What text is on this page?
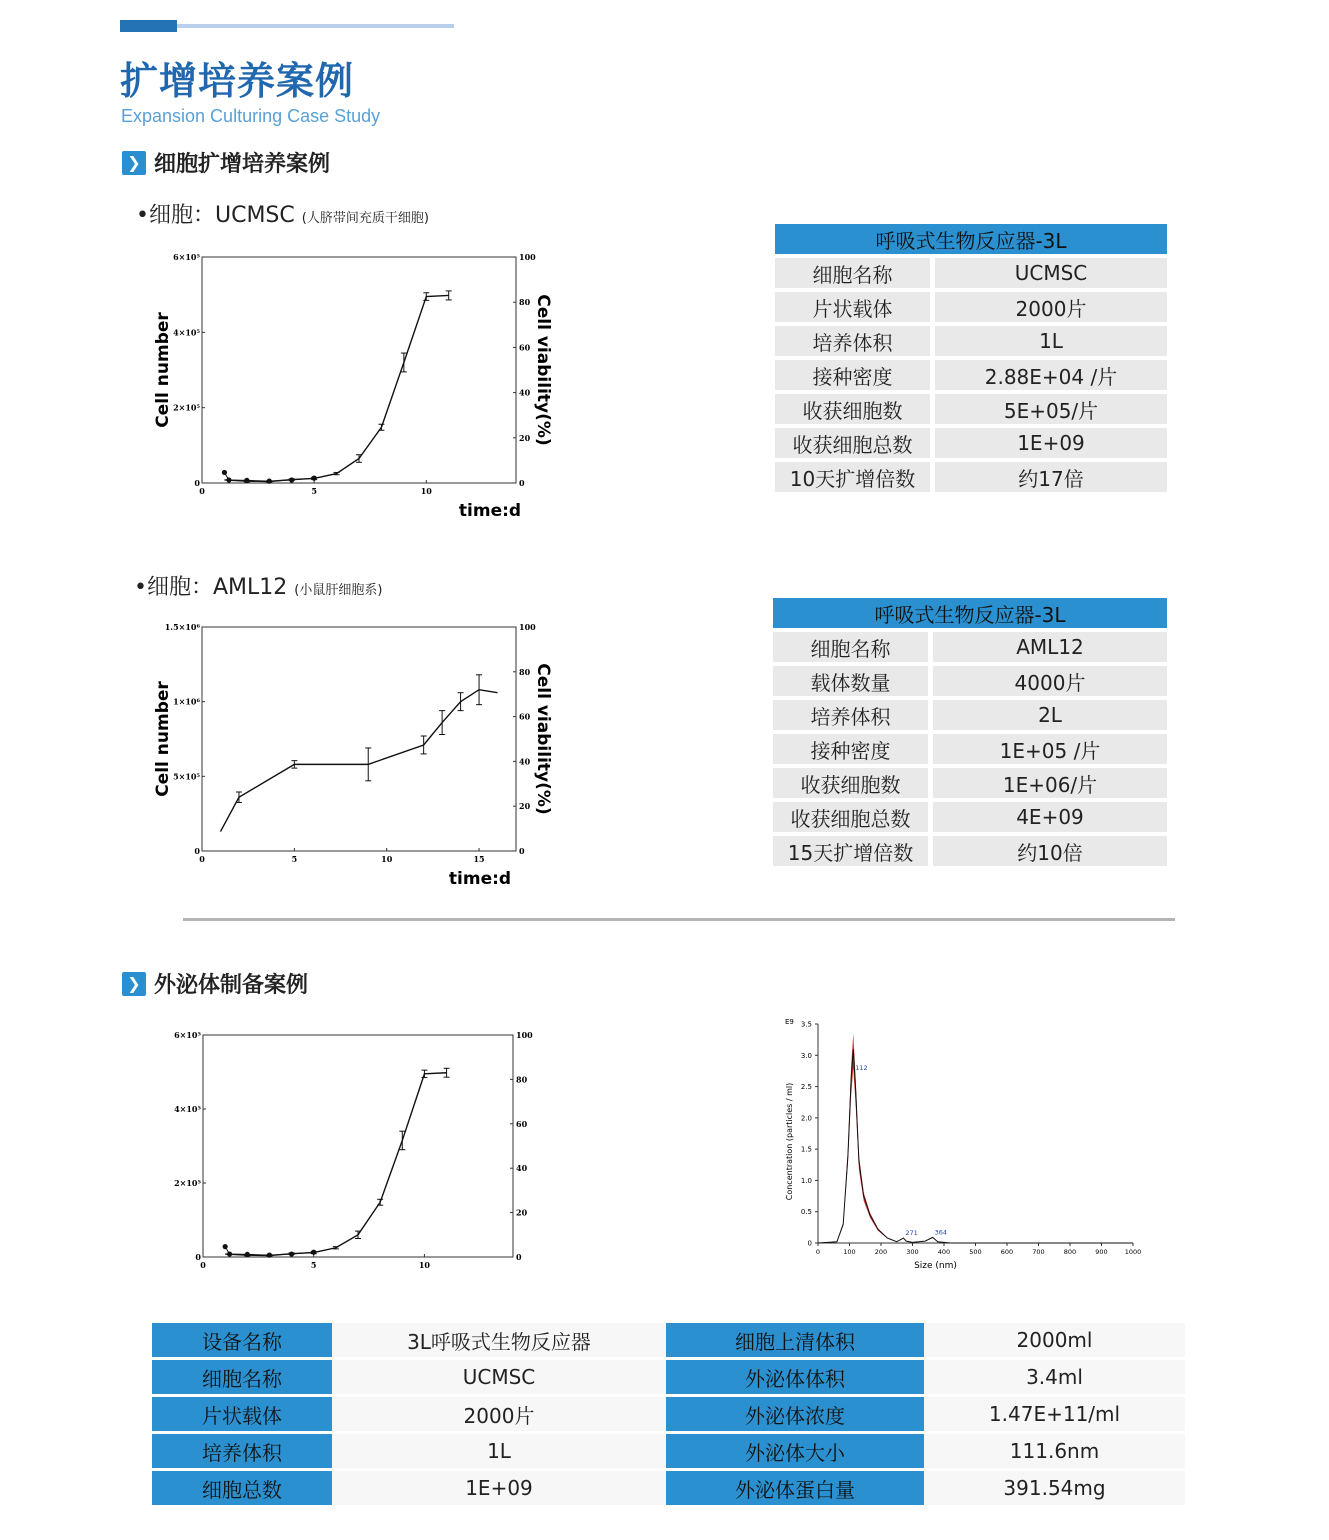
扩增培养案例
Expansion Culturing Case Study
❯ 细胞扩增培养案例
•细胞：UCMSC (人脐带间充质干细胞)
0
2×10⁵
4×10⁵
6×10⁵
0
20
40
60
80
100
0	5	10
Cell number	Cell viability(%)
time:d
呼吸式生物反应器-3L	
细胞名称	UCMSC
片状载体	2000片
培养体积	1L
接种密度	2.88E+04 /片
收获细胞数	5E+05/片
收获细胞总数	1E+09
10天扩增倍数	约17倍
•细胞：AML12 (小鼠肝细胞系)
0
5×10⁵
1×10⁶
1.5×10⁶
0
20
40
60
80
100
0	5	10	15
Cell number	Cell viability(%)
time:d
呼吸式生物反应器-3L	
细胞名称	AML12
载体数量	4000片
培养体积	2L
接种密度	1E+05 /片
收获细胞数	1E+06/片
收获细胞总数	4E+09
15天扩增倍数	约10倍
❯ 外泌体制备案例
0
2×10⁵
4×10⁵
6×10⁵
0
20
40
60
80
100
0	5	10
E9
0
0.5
1.0
1.5
2.0
2.5
3.0
3.5
0	100	200	300	400	500	600	700	800	900	1000
Size (nm)
Concentration (particles / ml)
112
271	364
设备名称	3L呼吸式生物反应器	细胞上清体积	2000ml
细胞名称	UCMSC	外泌体体积	3.4ml
片状载体	2000片	外泌体浓度	1.47E+11/ml
培养体积	1L	外泌体大小	111.6nm
细胞总数	1E+09	外泌体蛋白量	391.54mg
